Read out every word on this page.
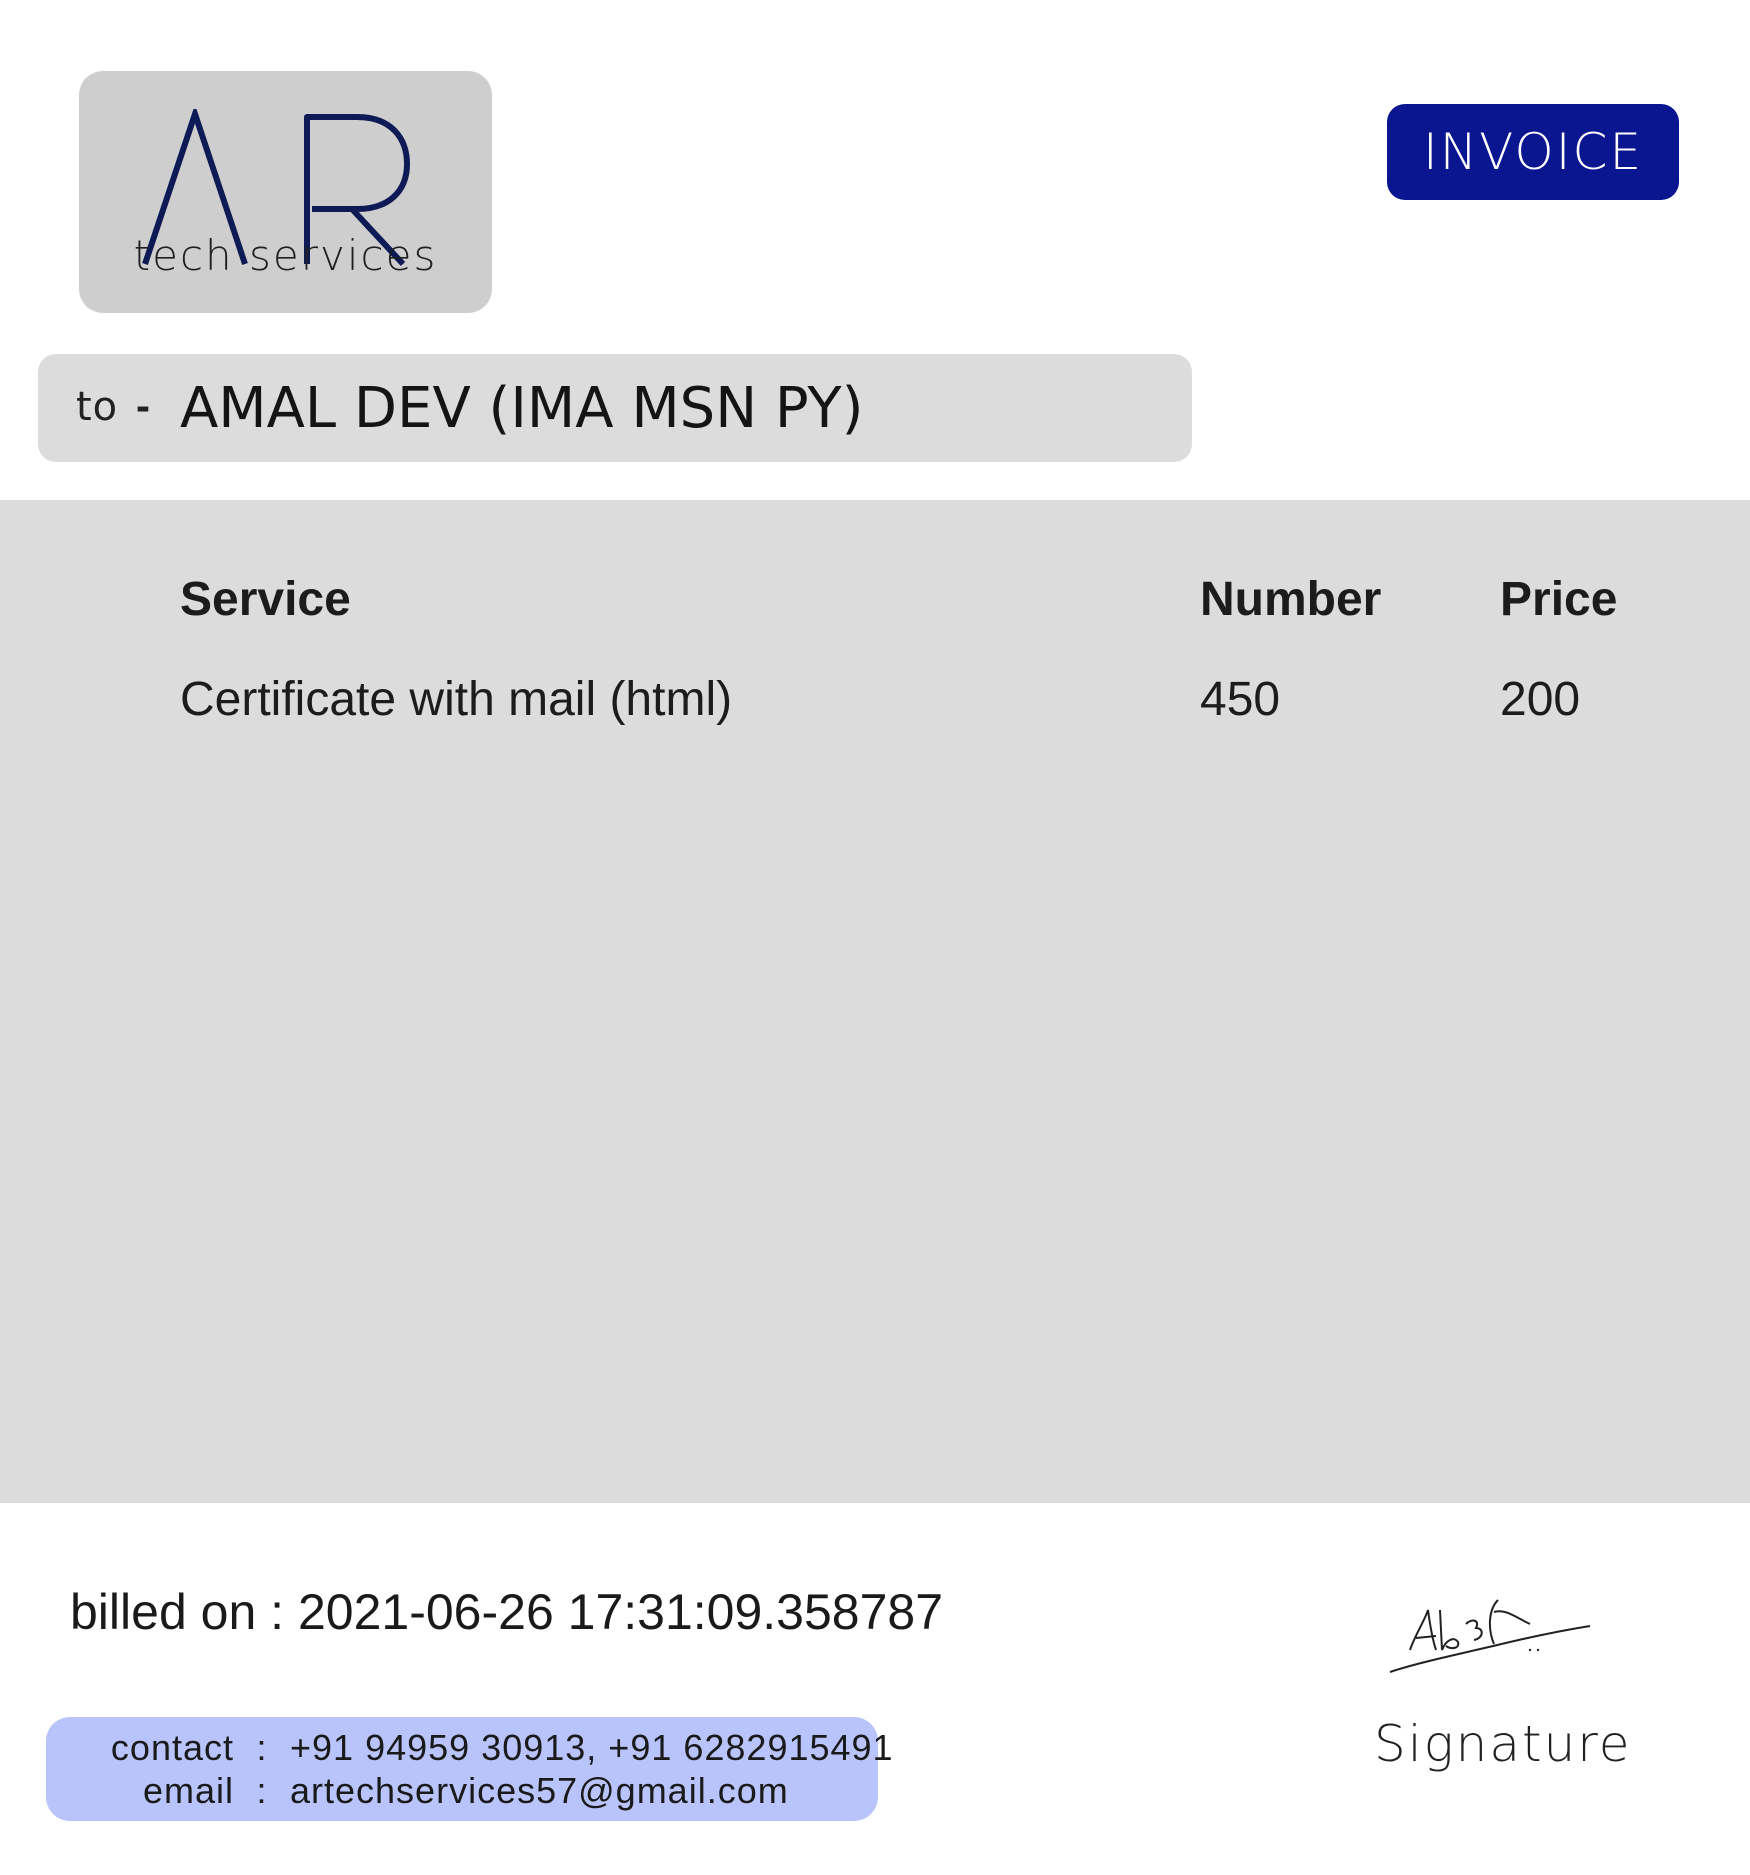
tech services
INVOICE
to - AMAL DEV (IMA MSN PY)
Service	Number Price
Certificate with mail (html)	450	200
billed on : 2021-06-26 17:31:09.358787
contact : +91 94959 30913, +91 6282915491
email : artechservices57@gmail.com
Signature
